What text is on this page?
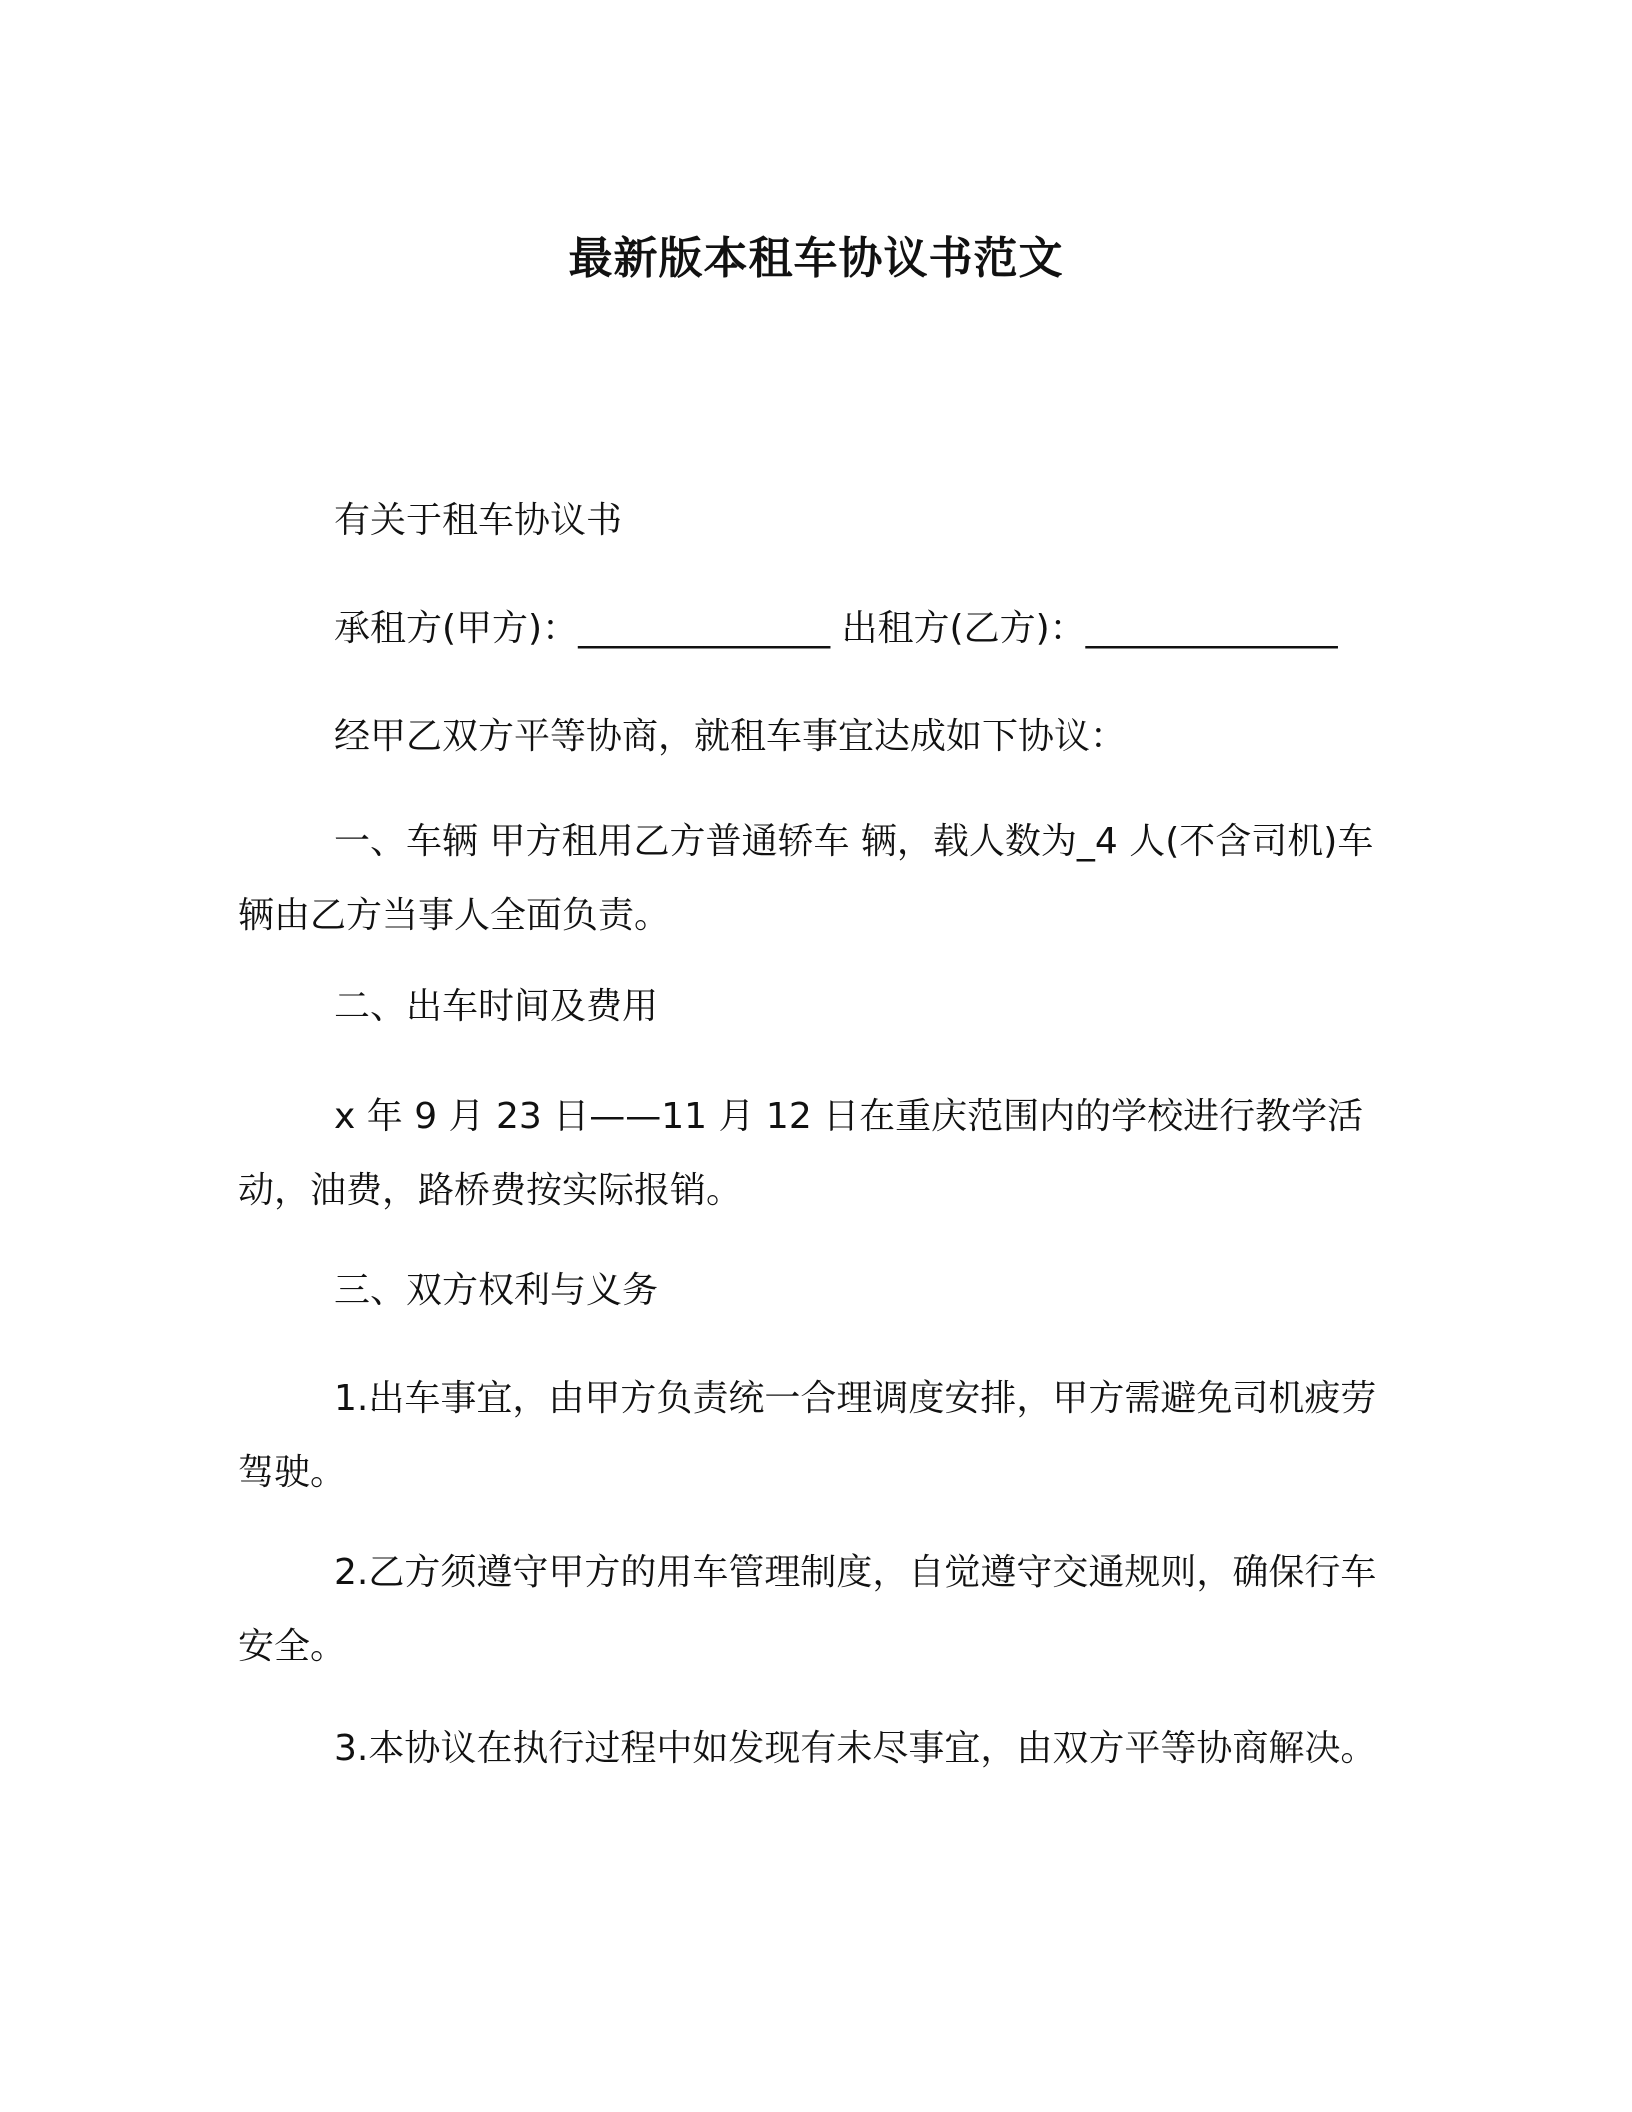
最新版本租车协议书范文

有关于租车协议书

承租方(甲方)：______________ 出租方(乙方)：______________

经甲乙双方平等协商，就租车事宜达成如下协议：

一、车辆 甲方租用乙方普通轿车 辆，载人数为_4 人(不含司机)车辆由乙方当事人全面负责。

二、出车时间及费用

x 年 9 月 23 日——11 月 12 日在重庆范围内的学校进行教学活动，油费，路桥费按实际报销。

三、双方权利与义务

1.出车事宜，由甲方负责统一合理调度安排，甲方需避免司机疲劳驾驶。

2.乙方须遵守甲方的用车管理制度，自觉遵守交通规则，确保行车安全。

3.本协议在执行过程中如发现有未尽事宜，由双方平等协商解决。
